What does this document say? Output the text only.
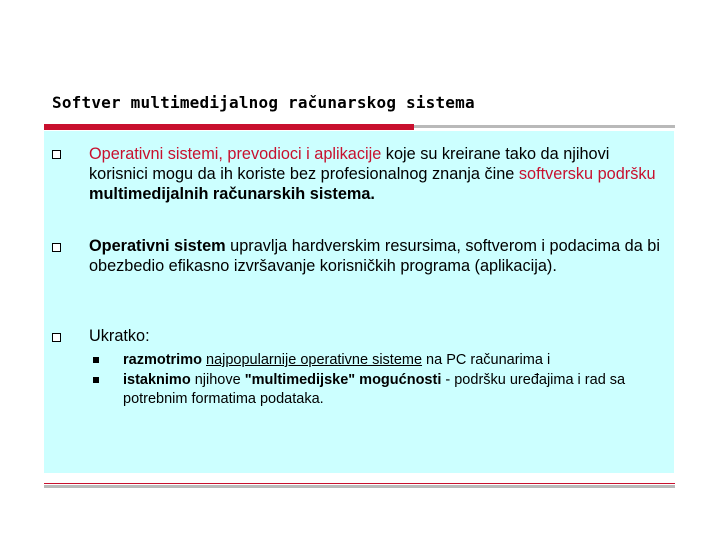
Softver multimedijalnog računarskog sistema
Operativni sistemi, prevodioci i aplikacije koje su kreirane tako da njihovi korisnici mogu da ih koriste bez profesionalnog znanja čine softversku podršku multimedijalnih računarskih sistema.
Operativni sistem upravlja hardverskim resursima, softverom i podacima da bi obezbedio efikasno izvršavanje korisničkih programa (aplikacija).
Ukratko:
razmotrimo najpopularnije operativne sisteme na PC računarima i
istaknimo njihove "multimedijske" mogućnosti - podršku uređajima i rad sa potrebnim formatima podataka.
